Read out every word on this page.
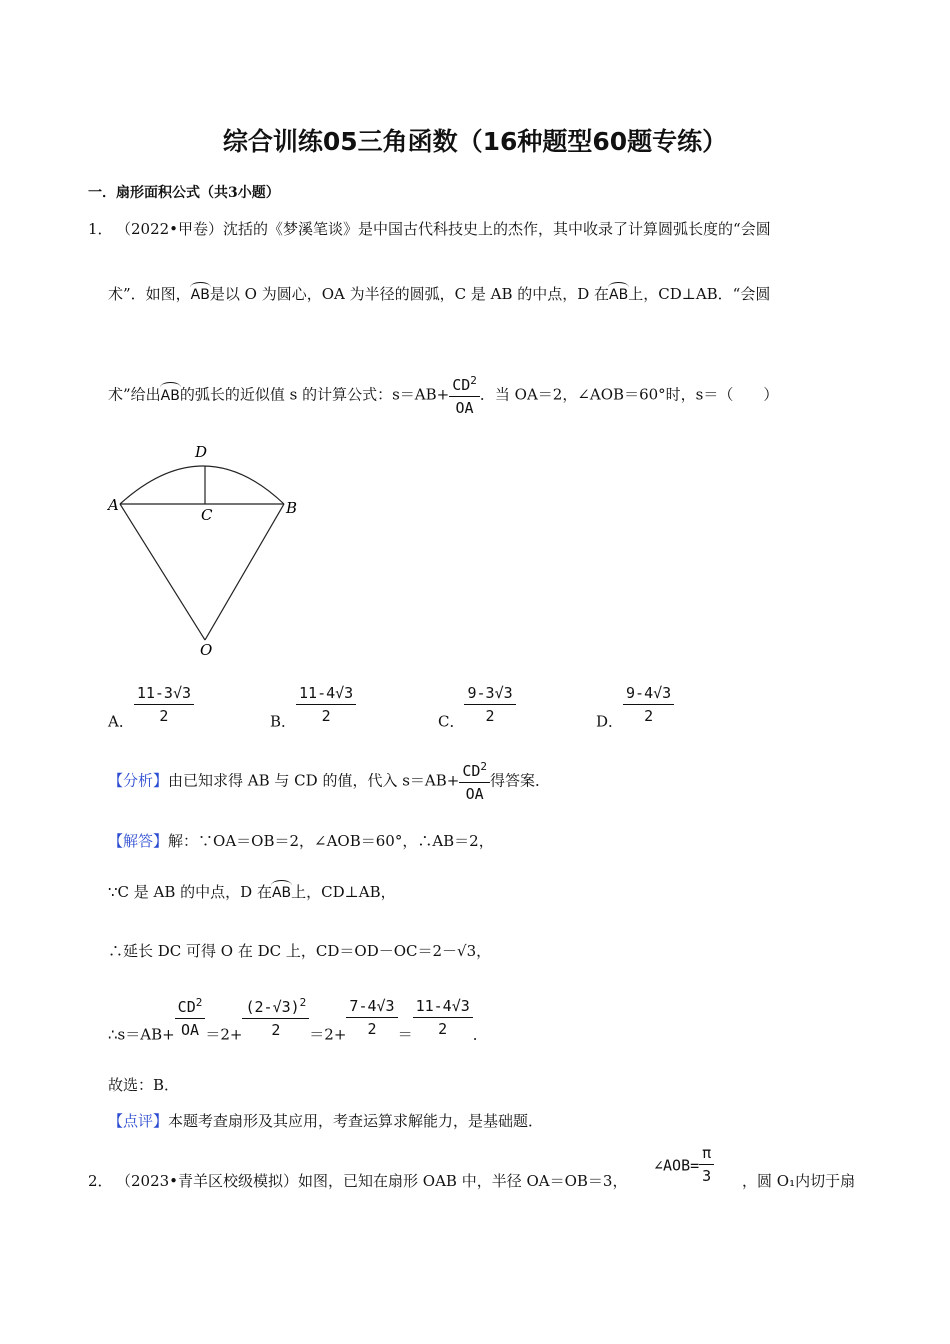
综合训练05三角函数（16种题型60题专练）
一．扇形面积公式（共3小题）
1． （2022•甲卷）沈括的《梦溪笔谈》是中国古代科技史上的杰作，其中收录了计算圆弧长度的“会圆
术”．如图，AB是以 O 为圆心，OA 为半径的圆弧，C 是 AB 的中点，D 在AB上，CD⊥AB．“会圆
术”给出AB的弧长的近似值 s 的计算公式：$s=AB+ \frac{CD^2}{OA}$ ．当 OA＝2，∠AOB＝60°时，s＝（　　）
D
A	B
C
O
A． $\frac{11-3√3}{2}$	B． $\frac{11-4√3}{2}$	C． $\frac{9-3√3}{2}$	D． $\frac{9-4√3}{2}$
【分析】由已知求得 AB 与 CD 的值，代入 $s=AB+ \frac{CD^2}{OA}$ 得答案．
【解答】解：∵OA＝OB＝2，∠AOB＝60°，∴AB＝2，
∵C 是 AB 的中点，D 在AB上，CD⊥AB，
∴延长 DC 可得 O 在 DC 上，CD＝OD－OC＝2－√3，
∴s＝AB+ $\frac{CD^2}{OA} =2+ \frac{(2-√3)^2}{2} =2+ \frac{7-4√3}{2} = \frac{11-4√3}{2}$ ．
故选：B．
【点评】本题考查扇形及其应用，考查运算求解能力，是基础题．
2． （2023•青羊区校级模拟）如图，已知在扇形 OAB 中，半径 OA＝OB＝3，
∠AOB= $\frac{\pi}{3}$ ，圆 O₁内切于扇
